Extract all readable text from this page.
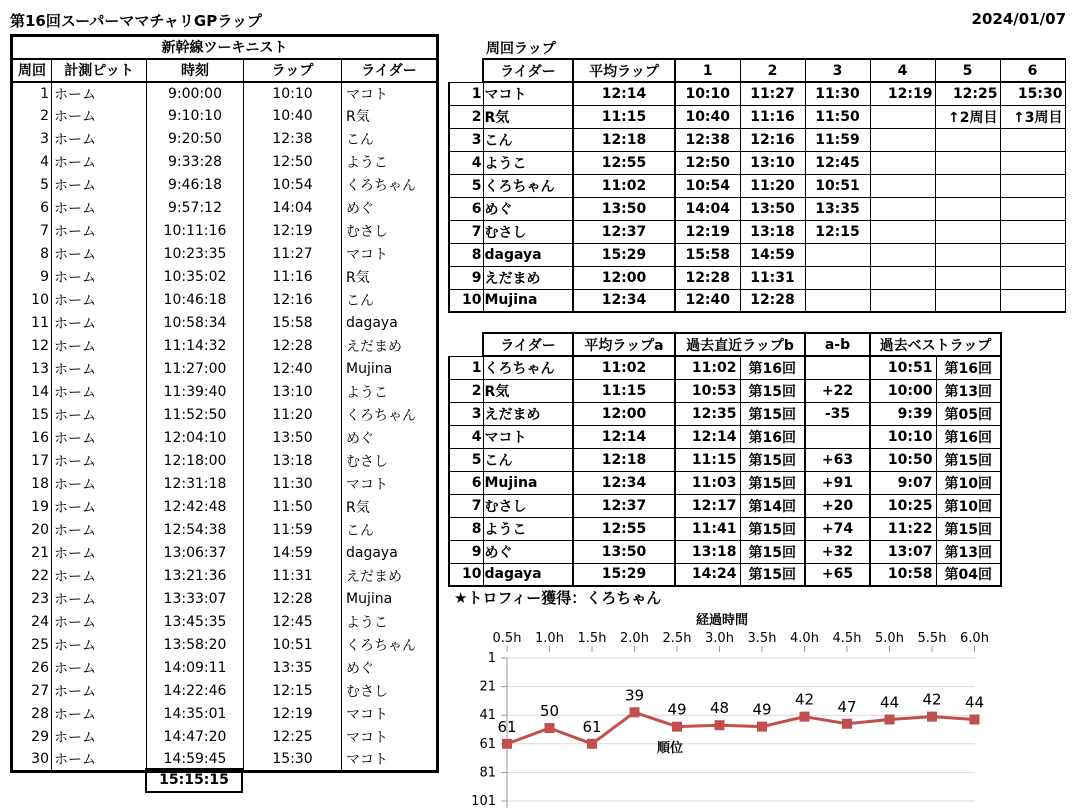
第16回スーパーママチャリGPラップ	2024/01/07
新幹線ツーキニスト				
周回	計測ピット	時刻	ラップ	ライダー
1	ホーム	9:00:00	10:10	マコト
2	ホーム	9:10:10	10:40	R気
3	ホーム	9:20:50	12:38	こん
4	ホーム	9:33:28	12:50	ようこ
5	ホーム	9:46:18	10:54	くろちゃん
6	ホーム	9:57:12	14:04	めぐ
7	ホーム	10:11:16	12:19	むさし
8	ホーム	10:23:35	11:27	マコト
9	ホーム	10:35:02	11:16	R気
10	ホーム	10:46:18	12:16	こん
11	ホーム	10:58:34	15:58	dagaya
12	ホーム	11:14:32	12:28	えだまめ
13	ホーム	11:27:00	12:40	Mujina
14	ホーム	11:39:40	13:10	ようこ
15	ホーム	11:52:50	11:20	くろちゃん
16	ホーム	12:04:10	13:50	めぐ
17	ホーム	12:18:00	13:18	むさし
18	ホーム	12:31:18	11:30	マコト
19	ホーム	12:42:48	11:50	R気
20	ホーム	12:54:38	11:59	こん
21	ホーム	13:06:37	14:59	dagaya
22	ホーム	13:21:36	11:31	えだまめ
23	ホーム	13:33:07	12:28	Mujina
24	ホーム	13:45:35	12:45	ようこ
25	ホーム	13:58:20	10:51	くろちゃん
26	ホーム	14:09:11	13:35	めぐ
27	ホーム	14:22:46	12:15	むさし
28	ホーム	14:35:01	12:19	マコト
29	ホーム	14:47:20	12:25	マコト
30	ホーム	14:59:45	15:30	マコト
15:15:15
周回ラップ
	ライダー	平均ラップ	1	2	3	4	5	6
1	マコト	12:14	10:10	11:27	11:30	12:19	12:25	15:30
2	R気	11:15	10:40	11:16	11:50		↑2周目	↑3周目
3	こん	12:18	12:38	12:16	11:59			
4	ようこ	12:55	12:50	13:10	12:45			
5	くろちゃん	11:02	10:54	11:20	10:51			
6	めぐ	13:50	14:04	13:50	13:35			
7	むさし	12:37	12:19	13:18	12:15			
8	dagaya	15:29	15:58	14:59				
9	えだまめ	12:00	12:28	11:31				
10	Mujina	12:34	12:40	12:28				
	ライダー	平均ラップa	過去直近ラップb		a-b	過去ベストラップ	
1	くろちゃん	11:02	11:02	第16回		10:51	第16回
2	R気	11:15	10:53	第15回	+22	10:00	第13回
3	えだまめ	12:00	12:35	第15回	-35	9:39	第05回
4	マコト	12:14	12:14	第16回		10:10	第16回
5	こん	12:18	11:15	第15回	+63	10:50	第15回
6	Mujina	12:34	11:03	第15回	+91	9:07	第10回
7	むさし	12:37	12:17	第14回	+20	10:25	第10回
8	ようこ	12:55	11:41	第15回	+74	11:22	第15回
9	めぐ	13:50	13:18	第15回	+32	13:07	第13回
10	dagaya	15:29	14:24	第15回	+65	10:58	第04回
★トロフィー獲得：くろちゃん
経過時間
1
21
41
61
81
101
0.5h 1.0h 1.5h 2.0h 2.5h 3.0h 3.5h 4.0h 4.5h 5.0h 5.5h 6.0h
61
50
61
39
49 48 49
42 47 44 42 44
順位
